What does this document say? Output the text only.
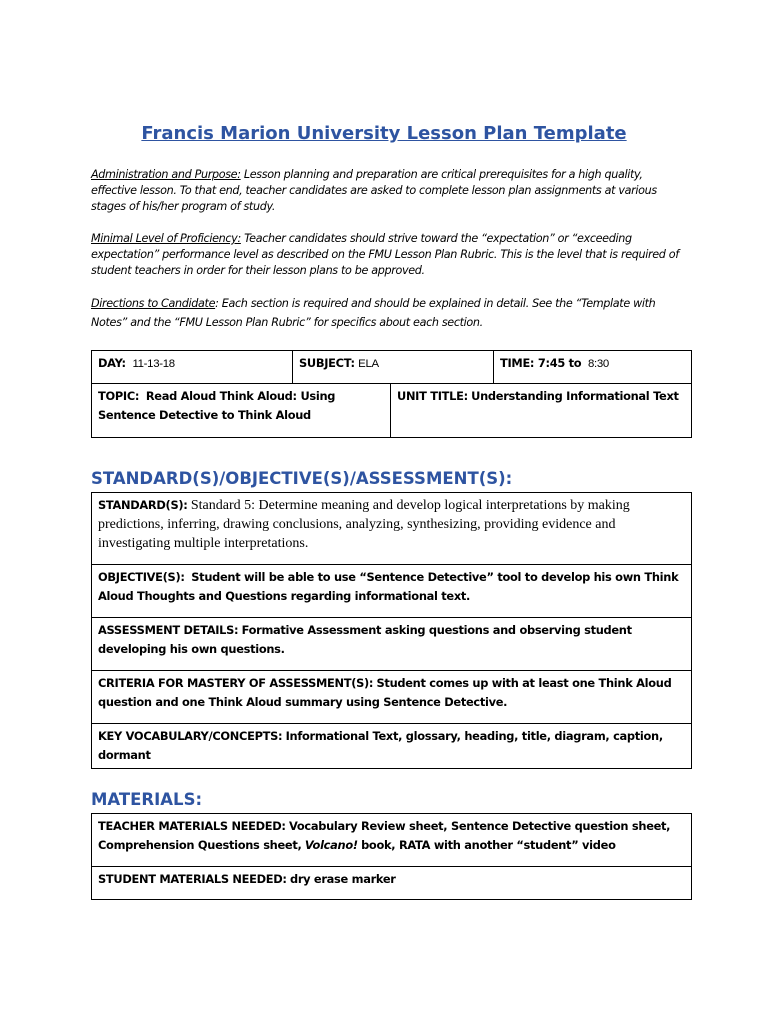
Francis Marion University Lesson Plan Template
Administration and Purpose: Lesson planning and preparation are critical prerequisites for a high quality, effective lesson. To that end, teacher candidates are asked to complete lesson plan assignments at various stages of his/her program of study.
Minimal Level of Proficiency: Teacher candidates should strive toward the “expectation” or “exceeding expectation” performance level as described on the FMU Lesson Plan Rubric. This is the level that is required of student teachers in order for their lesson plans to be approved.
Directions to Candidate: Each section is required and should be explained in detail. See the “Template with Notes” and the “FMU Lesson Plan Rubric” for specifics about each section.
DAY: 11-13-18	SUBJECT: ELA	TIME: 7:45 to 8:30
TOPIC: Read Aloud Think Aloud: Using Sentence Detective to Think Aloud	UNIT TITLE: Understanding Informational Text
STANDARD(S)/OBJECTIVE(S)/ASSESSMENT(S):
STANDARD(S): Standard 5: Determine meaning and develop logical interpretations by making predictions, inferring, drawing conclusions, analyzing, synthesizing, providing evidence and investigating multiple interpretations.
OBJECTIVE(S): Student will be able to use “Sentence Detective” tool to develop his own Think Aloud Thoughts and Questions regarding informational text.
ASSESSMENT DETAILS: Formative Assessment asking questions and observing student developing his own questions.
CRITERIA FOR MASTERY OF ASSESSMENT(S): Student comes up with at least one Think Aloud question and one Think Aloud summary using Sentence Detective.
KEY VOCABULARY/CONCEPTS: Informational Text, glossary, heading, title, diagram, caption, dormant
MATERIALS:
TEACHER MATERIALS NEEDED: Vocabulary Review sheet, Sentence Detective question sheet, Comprehension Questions sheet, Volcano! book, RATA with another “student” video
STUDENT MATERIALS NEEDED: dry erase marker
